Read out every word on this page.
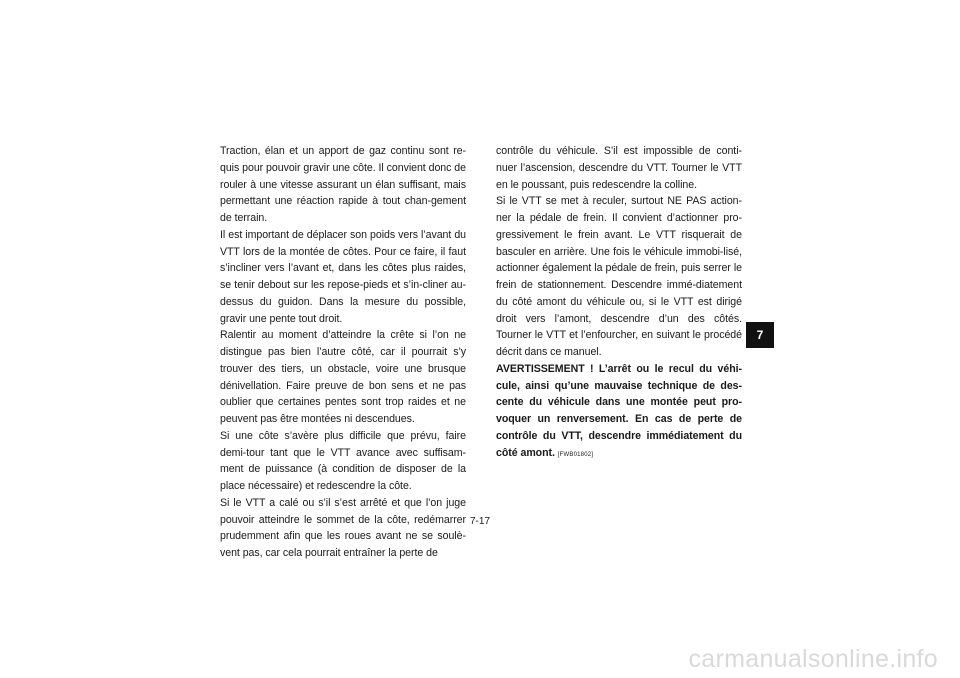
Traction, élan et un apport de gaz continu sont re-quis pour pouvoir gravir une côte. Il convient donc de rouler à une vitesse assurant un élan suffisant, mais permettant une réaction rapide à tout chan-gement de terrain.

Il est important de déplacer son poids vers l’avant du VTT lors de la montée de côtes. Pour ce faire, il faut s’incliner vers l’avant et, dans les côtes plus raides, se tenir debout sur les repose-pieds et s’in-cliner au-dessus du guidon. Dans la mesure du possible, gravir une pente tout droit.

Ralentir au moment d’atteindre la crête si l’on ne distingue pas bien l’autre côté, car il pourrait s’y trouver des tiers, un obstacle, voire une brusque dénivellation. Faire preuve de bon sens et ne pas oublier que certaines pentes sont trop raides et ne peuvent pas être montées ni descendues.

Si une côte s’avère plus difficile que prévu, faire demi-tour tant que le VTT avance avec suffisam-ment de puissance (à condition de disposer de la place nécessaire) et redescendre la côte.

Si le VTT a calé ou s’il s’est arrêté et que l’on juge pouvoir atteindre le sommet de la côte, redémarrer prudemment afin que les roues avant ne se soulè-vent pas, car cela pourrait entraîner la perte de

contrôle du véhicule. S’il est impossible de conti-nuer l’ascension, descendre du VTT. Tourner le VTT en le poussant, puis redescendre la colline.

Si le VTT se met à reculer, surtout NE PAS action-ner la pédale de frein. Il convient d’actionner pro-gressivement le frein avant. Le VTT risquerait de basculer en arrière. Une fois le véhicule immobi-lisé, actionner également la pédale de frein, puis serrer le frein de stationnement. Descendre immé-diatement du côté amont du véhicule ou, si le VTT est dirigé droit vers l’amont, descendre d’un des côtés. Tourner le VTT et l’enfourcher, en suivant le procédé décrit dans ce manuel.

AVERTISSEMENT ! L’arrêt ou le recul du véhi-cule, ainsi qu’une mauvaise technique de des-cente du véhicule dans une montée peut pro-voquer un renversement. En cas de perte de contrôle du VTT, descendre immédiatement du côté amont. [FWB01802]

7
7-17
carmanualsonline.info
